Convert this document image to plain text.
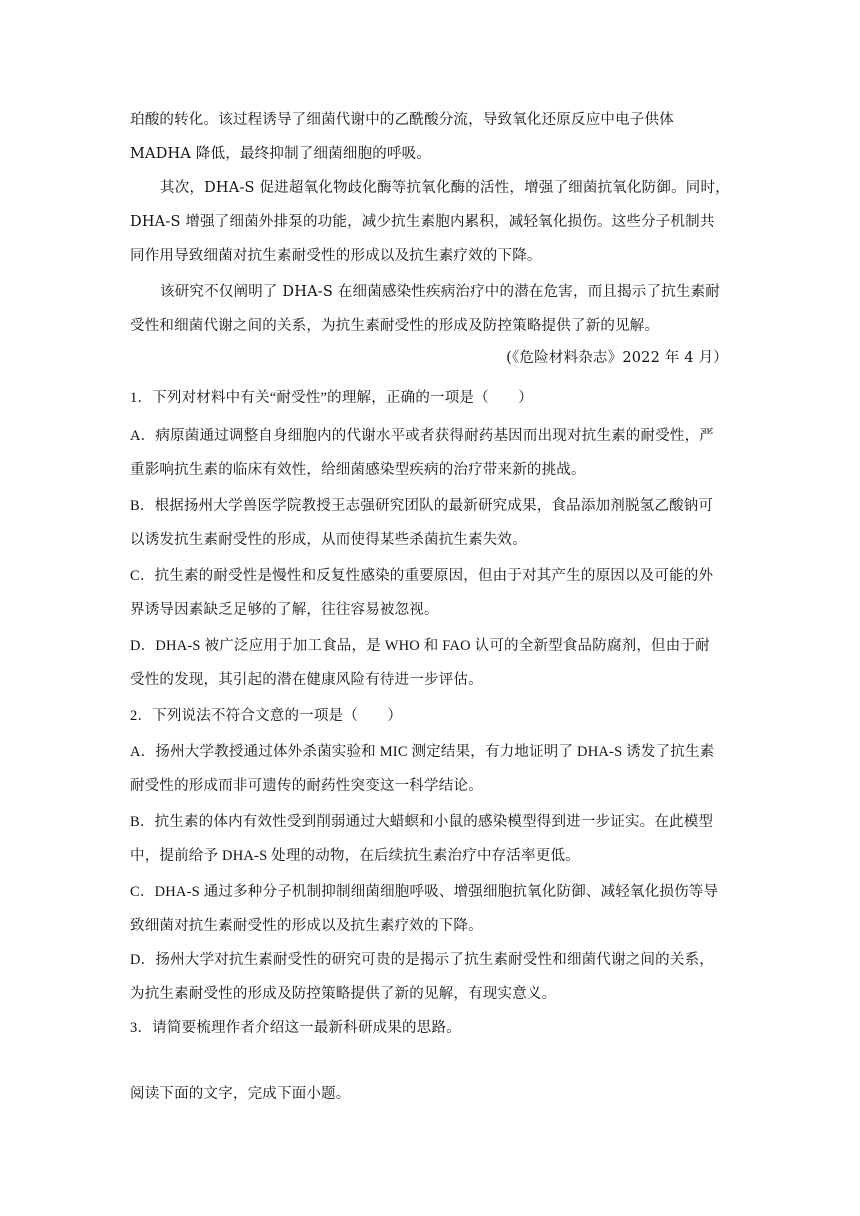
珀酸的转化。该过程诱导了细菌代谢中的乙酰酸分流，导致氧化还原反应中电子供体
MADHA 降低，最终抑制了细菌细胞的呼吸。
其次，DHA-S 促进超氧化物歧化酶等抗氧化酶的活性，增强了细菌抗氧化防御。同时，
DHA-S 增强了细菌外排泵的功能，减少抗生素胞内累积，减轻氧化损伤。这些分子机制共
同作用导致细菌对抗生素耐受性的形成以及抗生素疗效的下降。
该研究不仅阐明了 DHA-S 在细菌感染性疾病治疗中的潜在危害，而且揭示了抗生素耐
受性和细菌代谢之间的关系，为抗生素耐受性的形成及防控策略提供了新的见解。
(《危险材料杂志》2022 年 4 月）
1．下列对材料中有关“耐受性”的理解，正确的一项是（　　）
A．病原菌通过调整自身细胞内的代谢水平或者获得耐药基因而出现对抗生素的耐受性，严
重影响抗生素的临床有效性，给细菌感染型疾病的治疗带来新的挑战。
B．根据扬州大学兽医学院教授王志强研究团队的最新研究成果，食品添加剂脱氢乙酸钠可
以诱发抗生素耐受性的形成，从而使得某些杀菌抗生素失效。
C．抗生素的耐受性是慢性和反复性感染的重要原因，但由于对其产生的原因以及可能的外
界诱导因素缺乏足够的了解，往往容易被忽视。
D．DHA-S 被广泛应用于加工食品，是 WHO 和 FAO 认可的全新型食品防腐剂，但由于耐
受性的发现，其引起的潜在健康风险有待进一步评估。
2．下列说法不符合文意的一项是（　　）
A．扬州大学教授通过体外杀菌实验和 MIC 测定结果，有力地证明了 DHA-S 诱发了抗生素
耐受性的形成而非可遗传的耐药性突变这一科学结论。
B．抗生素的体内有效性受到削弱通过大蜡螟和小鼠的感染模型得到进一步证实。在此模型
中，提前给予 DHA-S 处理的动物，在后续抗生素治疗中存活率更低。
C．DHA-S 通过多种分子机制抑制细菌细胞呼吸、增强细胞抗氧化防御、减轻氧化损伤等导
致细菌对抗生素耐受性的形成以及抗生素疗效的下降。
D．扬州大学对抗生素耐受性的研究可贵的是揭示了抗生素耐受性和细菌代谢之间的关系，
为抗生素耐受性的形成及防控策略提供了新的见解，有现实意义。
3．请简要梳理作者介绍这一最新科研成果的思路。
阅读下面的文字，完成下面小题。
